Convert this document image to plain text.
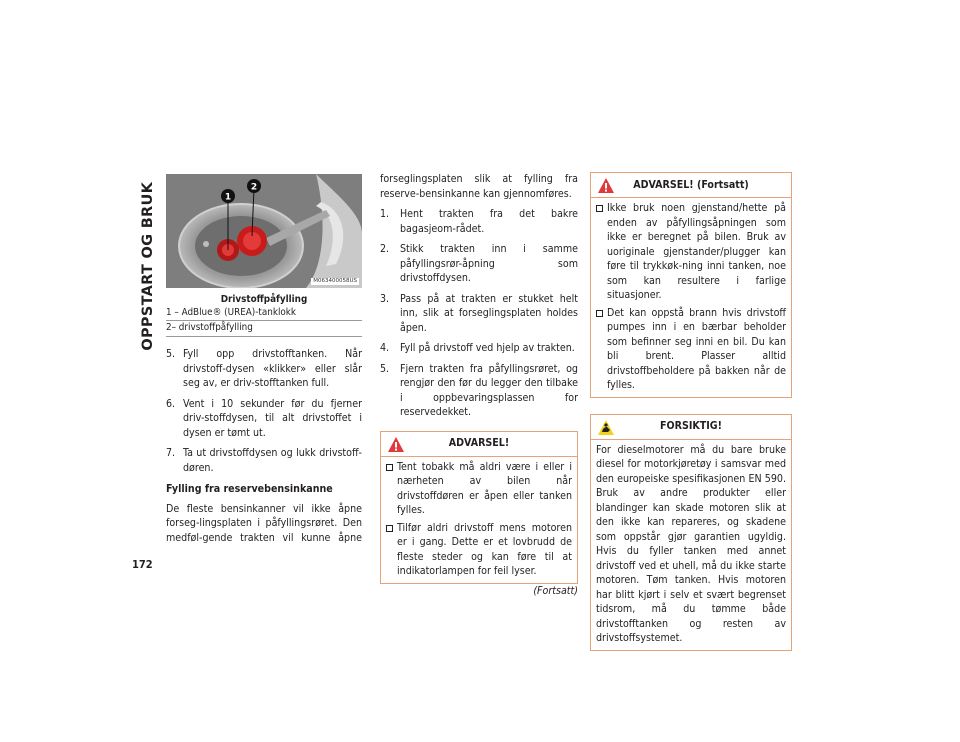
OPPSTART OG BRUK
172
1
2
M063400058US
Drivstoffpåfylling
1 – AdBlue® (UREA)-tanklokk
2– drivstoffpåfylling
5. Fyll opp drivstofftanken. Når drivstoff-dysen «klikker» eller slår seg av, er driv-stofftanken full.
6. Vent i 10 sekunder før du fjerner driv-stoffdysen, til alt drivstoffet i dysen er tømt ut.
7. Ta ut drivstoffdysen og lukk drivstoff-døren.
Fylling fra reservebensinkanne

De fleste bensinkanner vil ikke åpne forseg-lingsplaten i påfyllingsrøret. Den medføl-gende trakten vil kunne åpne

forseglingsplaten slik at fylling fra reserve-bensinkanne kan gjennomføres.

1. Hent trakten fra det bakre bagasjeom-rådet.
2. Stikk trakten inn i samme påfyllingsrør-åpning som drivstoffdysen.
3. Pass på at trakten er stukket helt inn, slik at forseglingsplaten holdes åpen.
4. Fyll på drivstoff ved hjelp av trakten.
5. Fjern trakten fra påfyllingsrøret, og rengjør den før du legger den tilbake i oppbevaringsplassen for reservedekket.
ADVARSEL!
Tent tobakk må aldri være i eller i nærheten av bilen når drivstoffdøren er åpen eller tanken fylles.
Tilfør aldri drivstoff mens motoren er i gang. Dette er et lovbrudd de fleste steder og kan føre til at indikatorlampen for feil lyser.
(Fortsatt)
ADVARSEL! (Fortsatt)
Ikke bruk noen gjenstand/hette på enden av påfyllingsåpningen som ikke er beregnet på bilen. Bruk av uoriginale gjenstander/plugger kan føre til trykkøk-ning inni tanken, noe som kan resultere i farlige situasjoner.
Det kan oppstå brann hvis drivstoff pumpes inn i en bærbar beholder som befinner seg inni en bil. Du kan bli brent. Plasser alltid drivstoffbeholdere på bakken når de fylles.
FORSIKTIG!

For dieselmotorer må du bare bruke diesel for motorkjøretøy i samsvar med den europeiske spesifikasjonen EN 590. Bruk av andre produkter eller blandinger kan skade motoren slik at den ikke kan repareres, og skadene som oppstår gjør garantien ugyldig. Hvis du fyller tanken med annet drivstoff ved et uhell, må du ikke starte motoren. Tøm tanken. Hvis motoren har blitt kjørt i selv et svært begrenset tidsrom, må du tømme både drivstofftanken og resten av drivstoffsystemet.
